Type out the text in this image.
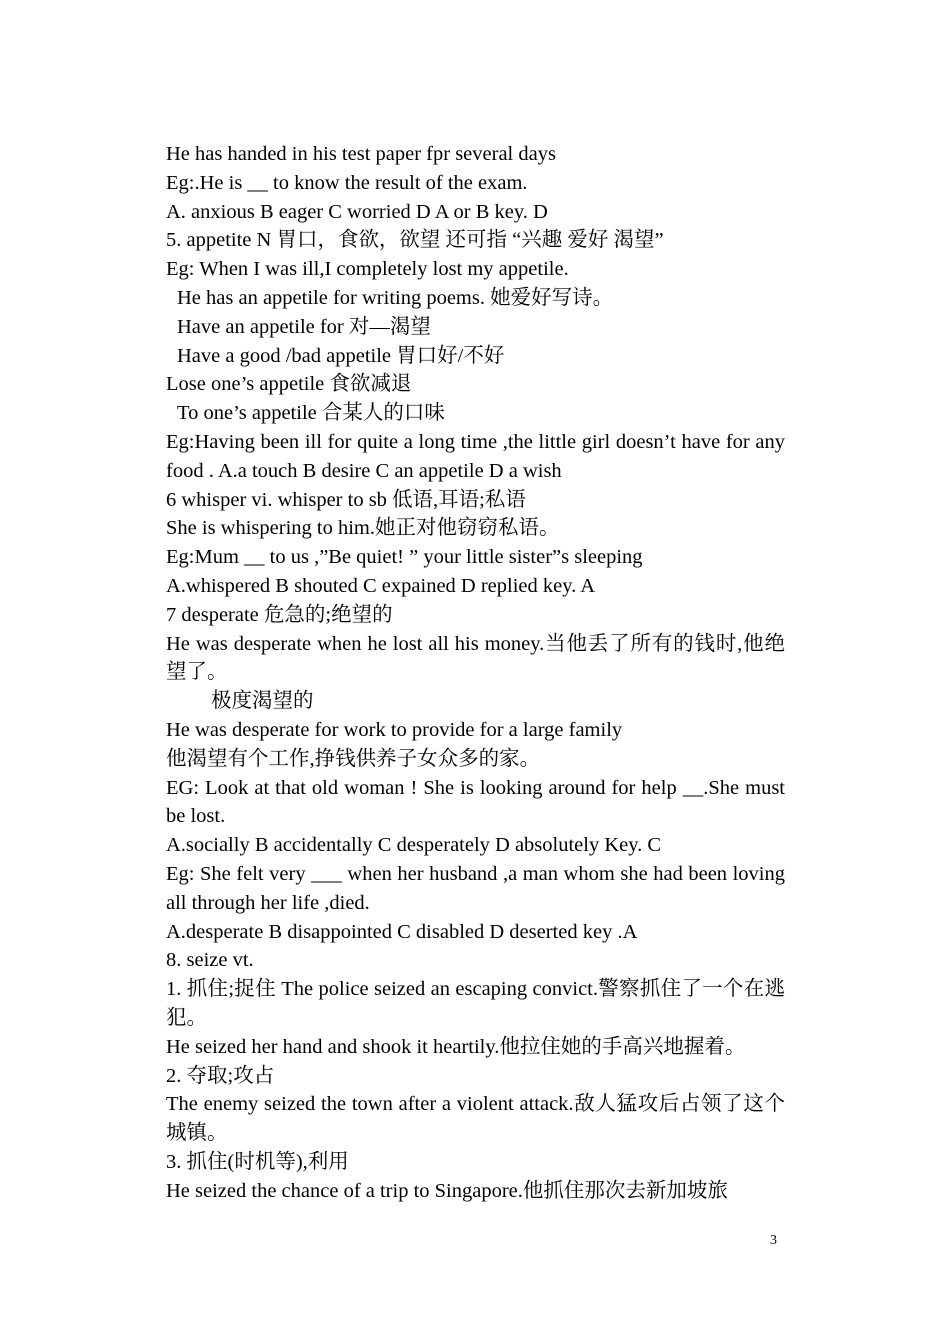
He has handed in his test paper fpr several days

Eg:.He is __ to know the result of the exam.

A. anxious B eager C worried D A or B key. D

5. appetite N 胃口，食欲，欲望 还可指 “兴趣 爱好 渴望”

Eg: When I was ill,I completely lost my appetile.

He has an appetile for writing poems. 她爱好写诗。

Have an appetile for 对—渴望

Have a good /bad appetile 胃口好/不好

Lose one’s appetile 食欲减退

To one’s appetile 合某人的口味

Eg:Having been ill for quite a long time ,the little girl doesn’t have for any food . A.a touch B desire C an appetile D a wish

6 whisper vi. whisper to sb 低语,耳语;私语

She is whispering to him.她正对他窃窃私语。

Eg:Mum __ to us ,”Be quiet! ” your little sister”s sleeping

A.whispered B shouted C expained D replied key. A

7 desperate 危急的;绝望的

He was desperate when he lost all his money.当他丢了所有的钱时,他绝望了。

极度渴望的

He was desperate for work to provide for a large family

他渴望有个工作,挣钱供养子女众多的家。

EG: Look at that old woman ! She is looking around for help __.She must be lost.

A.socially B accidentally C desperately D absolutely Key. C

Eg: She felt very ___ when her husband ,a man whom she had been loving all through her life ,died.

A.desperate B disappointed C disabled D deserted key .A

8. seize vt.

1. 抓住;捉住 The police seized an escaping convict.警察抓住了一个在逃犯。

He seized her hand and shook it heartily.他拉住她的手高兴地握着。

2. 夺取;攻占

The enemy seized the town after a violent attack.敌人猛攻后占领了这个城镇。

3. 抓住(时机等),利用

He seized the chance of a trip to Singapore.他抓住那次去新加坡旅

3
